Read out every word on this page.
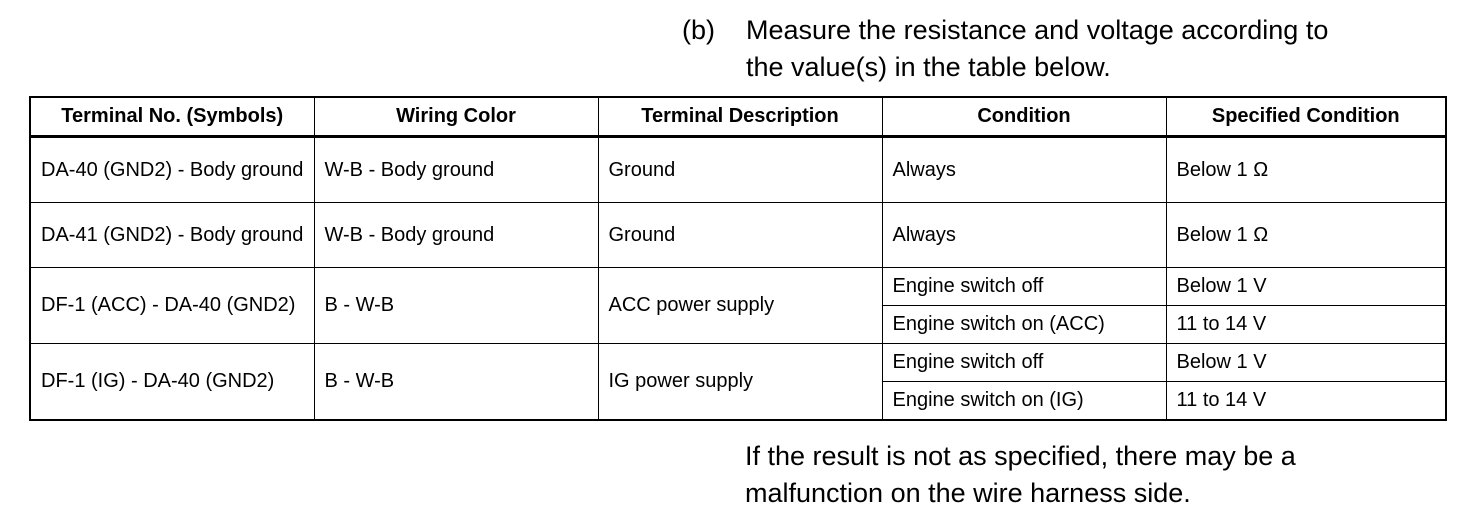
(b) Measure the resistance and voltage according to
the value(s) in the table below.
Terminal No. (Symbols)	Wiring Color	Terminal Description	Condition	Specified Condition
DA-40 (GND2) - Body ground	W-B - Body ground	Ground	Always	Below 1 Ω
DA-41 (GND2) - Body ground	W-B - Body ground	Ground	Always	Below 1 Ω
DF-1 (ACC) - DA-40 (GND2)	B - W-B	ACC power supply	Engine switch off	Below 1 V
			Engine switch on (ACC)	11 to 14 V
DF-1 (IG) - DA-40 (GND2)	B - W-B	IG power supply	Engine switch off	Below 1 V
			Engine switch on (IG)	11 to 14 V
If the result is not as specified, there may be a
malfunction on the wire harness side.
